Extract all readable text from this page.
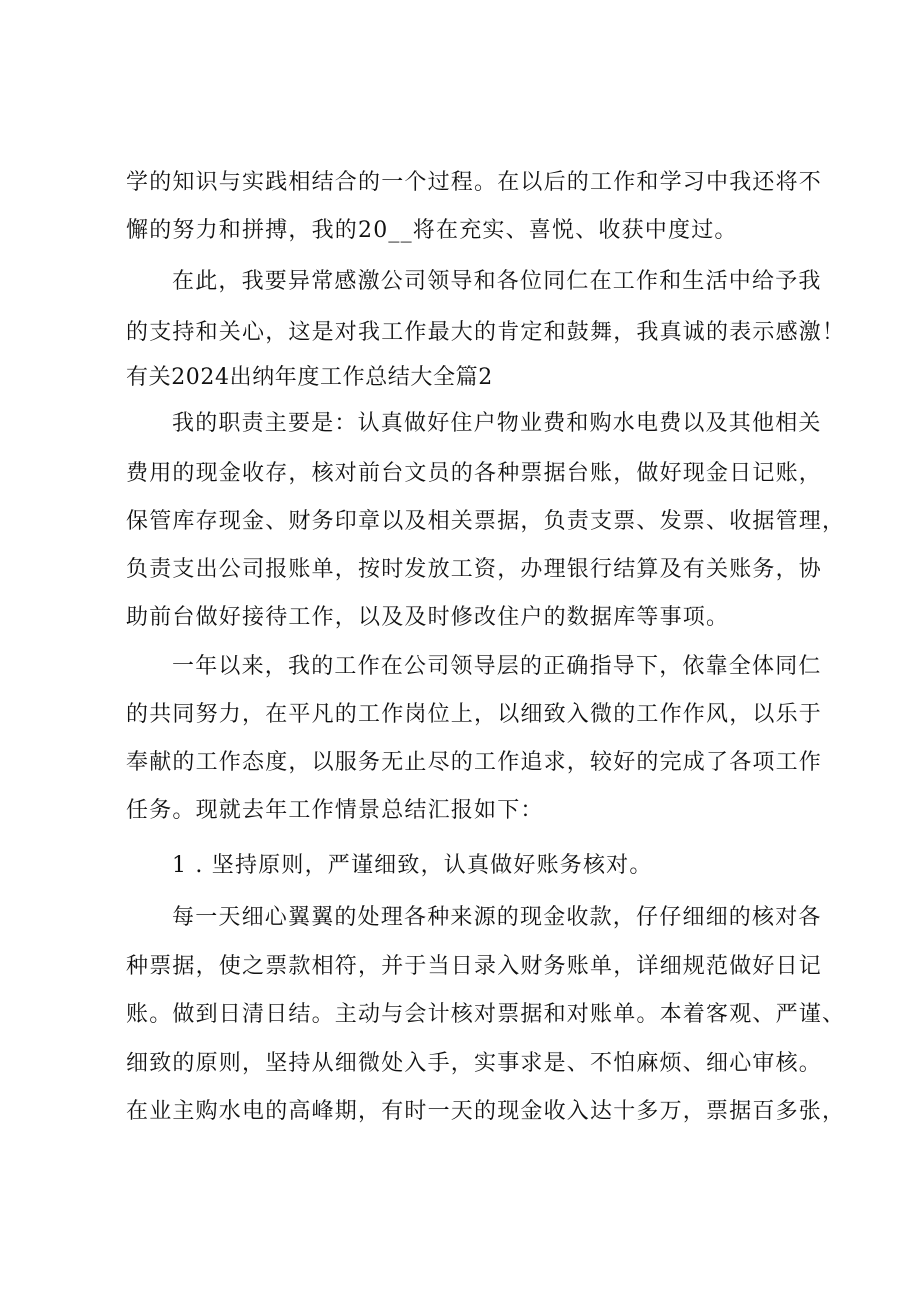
学的知识与实践相结合的一个过程。在以后的工作和学习中我还将不
懈的努力和拼搏，我的20__将在充实、喜悦、收获中度过。
在此，我要异常感激公司领导和各位同仁在工作和生活中给予我
的支持和关心，这是对我工作最大的肯定和鼓舞，我真诚的表示感激！
有关2024出纳年度工作总结大全篇2
我的职责主要是：认真做好住户物业费和购水电费以及其他相关
费用的现金收存，核对前台文员的各种票据台账，做好现金日记账，
保管库存现金、财务印章以及相关票据，负责支票、发票、收据管理，
负责支出公司报账单，按时发放工资，办理银行结算及有关账务，协
助前台做好接待工作，以及及时修改住户的数据库等事项。
一年以来，我的工作在公司领导层的正确指导下，依靠全体同仁
的共同努力，在平凡的工作岗位上，以细致入微的工作作风，以乐于
奉献的工作态度，以服务无止尽的工作追求，较好的完成了各项工作
任务。现就去年工作情景总结汇报如下：
1 . 坚持原则，严谨细致，认真做好账务核对。
每一天细心翼翼的处理各种来源的现金收款，仔仔细细的核对各
种票据，使之票款相符，并于当日录入财务账单，详细规范做好日记
账。做到日清日结。主动与会计核对票据和对账单。本着客观、严谨、
细致的原则，坚持从细微处入手，实事求是、不怕麻烦、细心审核。
在业主购水电的高峰期，有时一天的现金收入达十多万，票据百多张，
